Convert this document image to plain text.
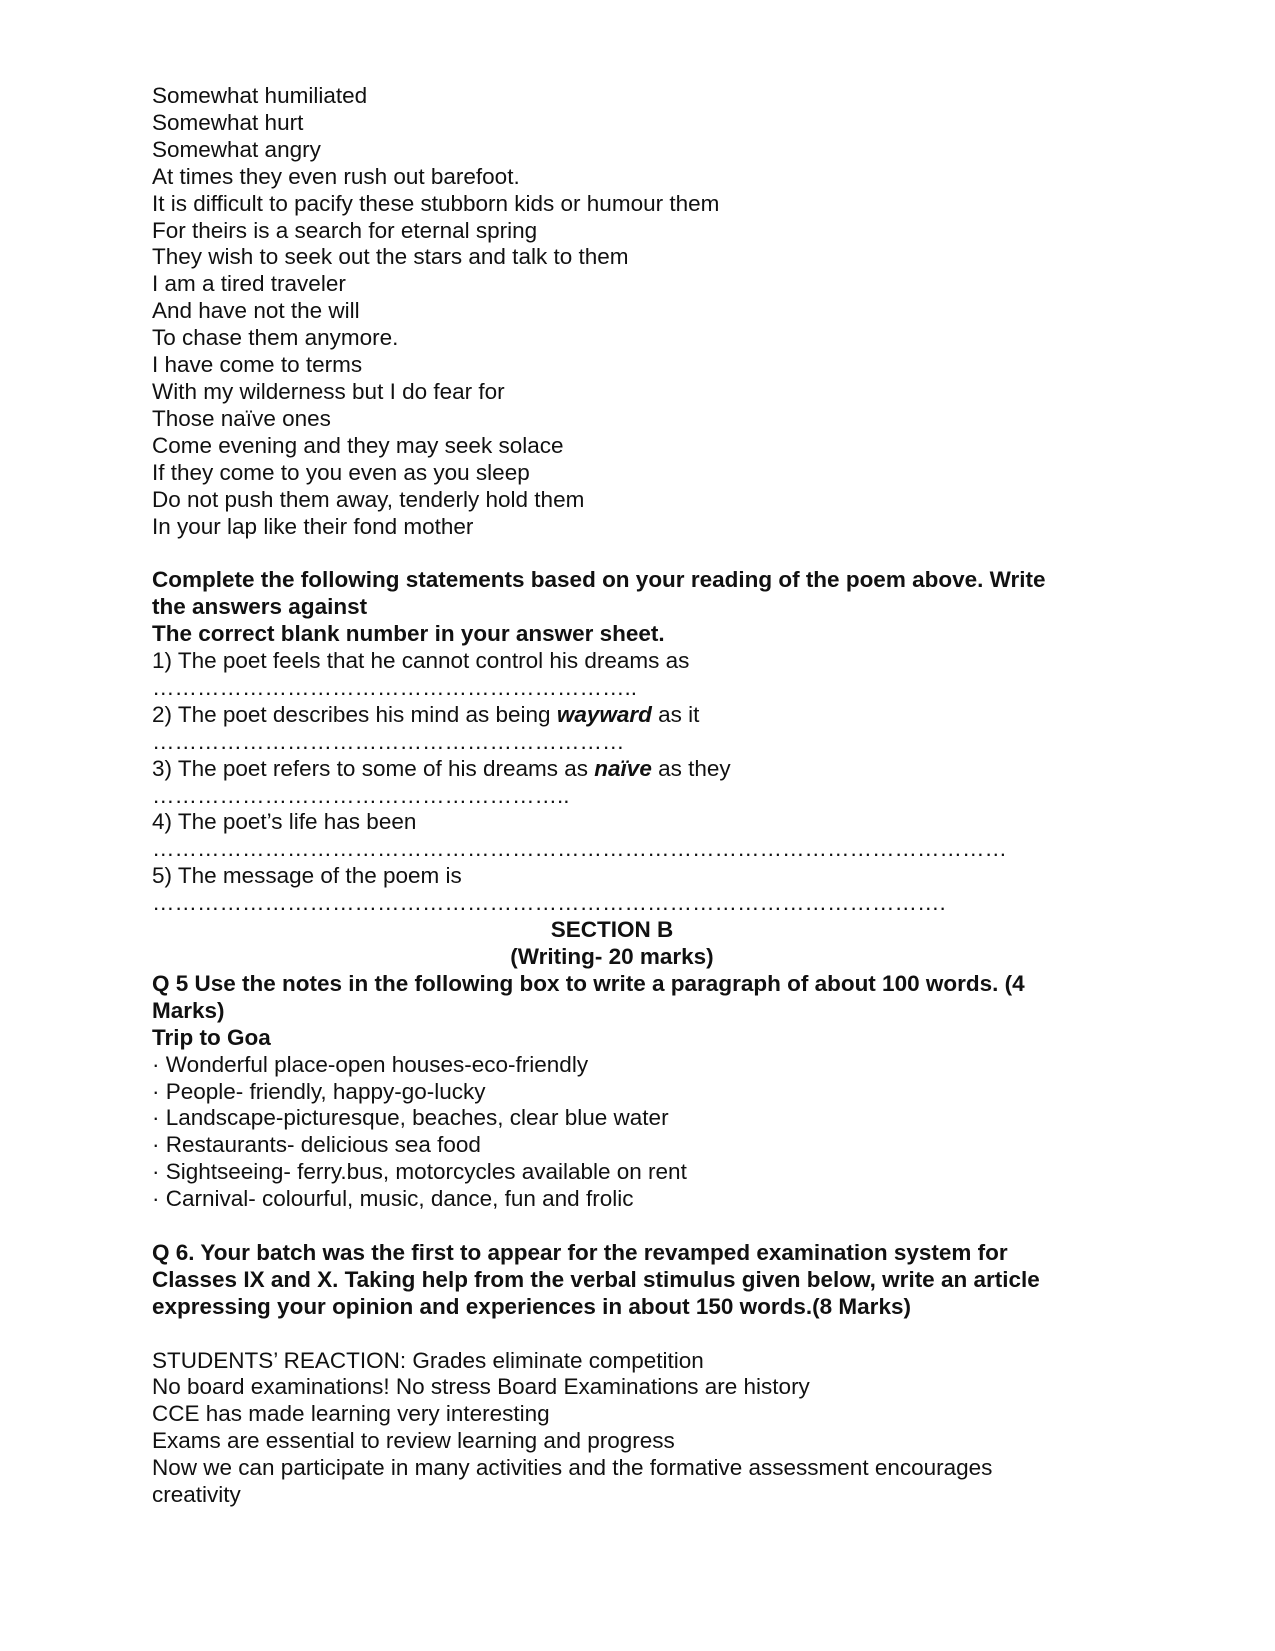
Somewhat humiliated
Somewhat hurt
Somewhat angry
At times they even rush out barefoot.
It is difficult to pacify these stubborn kids or humour them
For theirs is a search for eternal spring
They wish to seek out the stars and talk to them
I am a tired traveler
And have not the will
To chase them anymore.
I have come to terms
With my wilderness but I do fear for
Those naïve ones
Come evening and they may seek solace
If they come to you even as you sleep
Do not push them away, tenderly hold them
In your lap like their fond mother
Complete the following statements based on your reading of the poem above. Write
the answers against
The correct blank number in your answer sheet.
1) The poet feels that he cannot control his dreams as
………………………………………………………..
2) The poet describes his mind as being wayward as it
………………………………………………………
3) The poet refers to some of his dreams as naïve as they
………………………………………………..
4) The poet’s life has been
……………………………………………………………………………………………………
5) The message of the poem is
…………………………………………………………………………………………….
SECTION B
(Writing- 20 marks)
Q 5 Use the notes in the following box to write a paragraph of about 100 words. (4
Marks)
Trip to Goa
· Wonderful place-open houses-eco-friendly
· People- friendly, happy-go-lucky
· Landscape-picturesque, beaches, clear blue water
· Restaurants- delicious sea food
· Sightseeing- ferry.bus, motorcycles available on rent
· Carnival- colourful, music, dance, fun and frolic
Q 6. Your batch was the first to appear for the revamped examination system for
Classes IX and X. Taking help from the verbal stimulus given below, write an article
expressing your opinion and experiences in about 150 words.(8 Marks)
STUDENTS’ REACTION: Grades eliminate competition
No board examinations! No stress Board Examinations are history
CCE has made learning very interesting
Exams are essential to review learning and progress
Now we can participate in many activities and the formative assessment encourages
creativity
